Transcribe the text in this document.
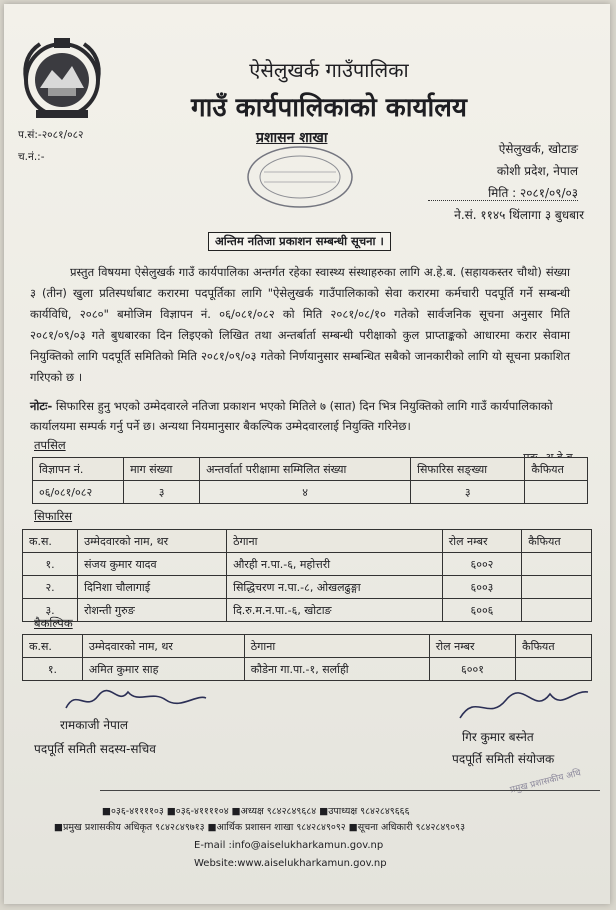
ऐसेलुखर्क गाउँपालिका
गाउँ कार्यपालिकाको कार्यालय
प.सं:-२०८१/०८२
च.नं.:-
प्रशासन शाखा
ऐसेलुखर्क, खोटाङ
कोशी प्रदेश, नेपाल
मिति : २०८१/०९/०३
ने.सं. ११४५ थिंलागा ३ बुधबार
अन्तिम नतिजा प्रकाशन सम्बन्धी सूचना ।
प्रस्तुत विषयमा ऐसेलुखर्क गाउँ कार्यपालिका अन्तर्गत रहेका स्वास्थ्य संस्थाहरुका लागि अ.हे.ब. (सहायकस्तर चौथो) संख्या ३ (तीन) खुला प्रतिस्पर्धाबाट करारमा पदपूर्तिका लागि "ऐसेलुखर्क गाउँपालिकाको सेवा करारमा कर्मचारी पदपूर्ति गर्ने सम्बन्धी कार्यविधि, २०८०" बमोजिम विज्ञापन नं. ०६/०८१/०८२ को मिति २०८१/०८/१० गतेको सार्वजनिक सूचना अनुसार मिति २०८१/०९/०३ गते बुधबारका दिन लिइएको लिखित तथा अन्तर्बार्ता सम्बन्धी परीक्षाको कुल प्राप्ताङ्कको आधारमा करार सेवामा नियुक्तिको लागि पदपूर्ति समितिको मिति २०८१/०९/०३ गतेको निर्णयानुसार सम्बन्धित सबैको जानकारीको लागि यो सूचना प्रकाशित गरिएको छ ।
नोटः- सिफारिस हुनु भएको उम्मेदवारले नतिजा प्रकाशन भएको मितिले ७ (सात) दिन भित्र नियुक्तिको लागि गाउँ कार्यपालिकाको कार्यालयमा सम्पर्क गर्नु पर्ने छ। अन्यथा नियमानुसार बैकल्पिक उम्मेदवारलाई नियुक्ति गरिनेछ।
तपसिल
विज्ञापन नं.	माग संख्या	अन्तर्वार्ता परीक्षामा सम्मिलित संख्या	सिफारिस सङ्ख्या	कैफियत
०६/०८१/०८२	३	४	३	
सिफारिस
क.स.	उम्मेदवारको नाम, थर	ठेगाना	रोल नम्बर	कैफियत
१.	संजय कुमार यादव	औरही न.पा.-६, महोत्तरी	६००२	
२.	दिनिशा चौलागाई	सिद्धिचरण न.पा.-८, ओखलढुङ्गा	६००३	
३.	रोशन्ती गुरुङ	दि.रु.म.न.पा.-६, खोटाङ	६००६	
बैकल्पिक
क.स.	उम्मेदवारको नाम, थर	ठेगाना	रोल नम्बर	कैफियत
१.	अमित कुमार साह	कौडेना गा.पा.-१, सर्लाही	६००१	
रामकाजी नेपाल
पदपूर्ति समिती सदस्य-सचिव
गिर कुमार बस्नेत
पदपूर्ति समिती संयोजक
प्रमुख प्रशासकीय अधि
■०३६-४११११०३ ■०३६-४११११०४ ■अध्यक्ष ९८४२८४९६८४ ■उपाध्यक्ष ९८४२८४९६६६
■प्रमुख प्रशासकीय अधिकृत ९८४२८४९७१३ ■आर्थिक प्रशासन शाखा ९८४२८४९०९२ ■सूचना अधिकारी ९८४२८४९०९३
E-mail :info@aiselukharkamun.gov.np
Website:www.aiselukharkamun.gov.np
